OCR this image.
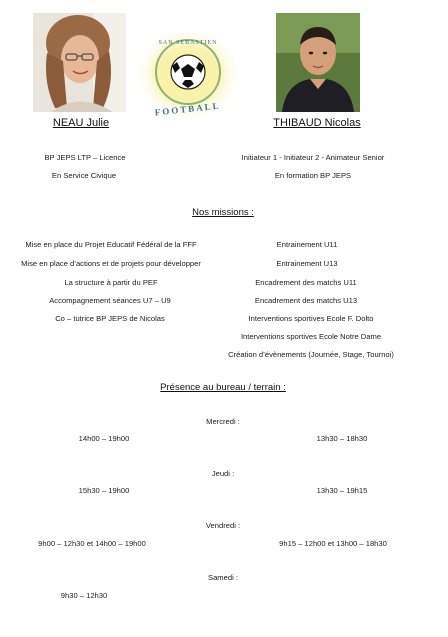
SAN SEBASTIEN
FOOTBALL
NEAU Julie	THIBAUD Nicolas
BP JEPS LTP – Licence
En Service Civique
Initiateur 1 - Initiateur 2 - Animateur Senior
En formation BP JEPS
Nos missions :
Mise en place du Projet Educatif Fédéral de la FFF
Mise en place d’actions et de projets pour développer
La structure à partir du PEF
Accompagnement séances U7 – U9
Co – tutrice BP JEPS de Nicolas
Entrainement U11
Entrainement U13
Encadrement des matchs U11
Encadrement des matchs U13
Interventions sportives Ecole F. Dolto
Interventions sportives Ecole Notre Dame
Création d’évènements (Journée, Stage, Tournoi)
Présence au bureau / terrain :
Mercredi :
14h00 – 19h00	13h30 – 18h30
Jeudi :
15h30 – 19h00	13h30 – 19h15
Vendredi :
9h00 – 12h30 et 14h00 – 19h00	9h15 – 12h00 et 13h00 – 18h30
Samedi :
9h30 – 12h30
